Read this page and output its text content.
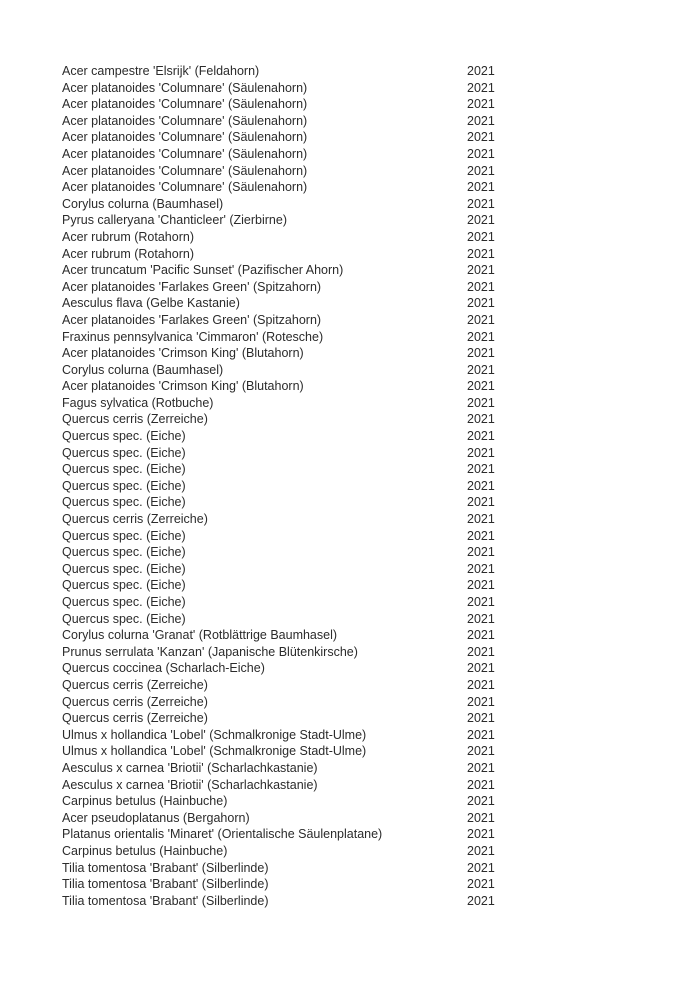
Acer campestre 'Elsrijk' (Feldahorn)	2021
Acer platanoides 'Columnare' (Säulenahorn)	2021
Acer platanoides 'Columnare' (Säulenahorn)	2021
Acer platanoides 'Columnare' (Säulenahorn)	2021
Acer platanoides 'Columnare' (Säulenahorn)	2021
Acer platanoides 'Columnare' (Säulenahorn)	2021
Acer platanoides 'Columnare' (Säulenahorn)	2021
Acer platanoides 'Columnare' (Säulenahorn)	2021
Corylus colurna (Baumhasel)	2021
Pyrus calleryana 'Chanticleer' (Zierbirne)	2021
Acer rubrum (Rotahorn)	2021
Acer rubrum (Rotahorn)	2021
Acer truncatum 'Pacific Sunset' (Pazifischer Ahorn)	2021
Acer platanoides 'Farlakes Green' (Spitzahorn)	2021
Aesculus flava (Gelbe Kastanie)	2021
Acer platanoides 'Farlakes Green' (Spitzahorn)	2021
Fraxinus pennsylvanica 'Cimmaron' (Rotesche)	2021
Acer platanoides 'Crimson King' (Blutahorn)	2021
Corylus colurna (Baumhasel)	2021
Acer platanoides 'Crimson King' (Blutahorn)	2021
Fagus sylvatica (Rotbuche)	2021
Quercus cerris (Zerreiche)	2021
Quercus spec. (Eiche)	2021
Quercus spec. (Eiche)	2021
Quercus spec. (Eiche)	2021
Quercus spec. (Eiche)	2021
Quercus spec. (Eiche)	2021
Quercus cerris (Zerreiche)	2021
Quercus spec. (Eiche)	2021
Quercus spec. (Eiche)	2021
Quercus spec. (Eiche)	2021
Quercus spec. (Eiche)	2021
Quercus spec. (Eiche)	2021
Quercus spec. (Eiche)	2021
Corylus colurna 'Granat' (Rotblättrige Baumhasel)	2021
Prunus serrulata 'Kanzan' (Japanische Blütenkirsche)	2021
Quercus coccinea (Scharlach-Eiche)	2021
Quercus cerris (Zerreiche)	2021
Quercus cerris (Zerreiche)	2021
Quercus cerris (Zerreiche)	2021
Ulmus x hollandica 'Lobel' (Schmalkronige Stadt-Ulme)	2021
Ulmus x hollandica 'Lobel' (Schmalkronige Stadt-Ulme)	2021
Aesculus x carnea 'Briotii' (Scharlachkastanie)	2021
Aesculus x carnea 'Briotii' (Scharlachkastanie)	2021
Carpinus betulus (Hainbuche)	2021
Acer pseudoplatanus (Bergahorn)	2021
Platanus orientalis 'Minaret' (Orientalische Säulenplatane)	2021
Carpinus betulus (Hainbuche)	2021
Tilia tomentosa 'Brabant' (Silberlinde)	2021
Tilia tomentosa 'Brabant' (Silberlinde)	2021
Tilia tomentosa 'Brabant' (Silberlinde)	2021
